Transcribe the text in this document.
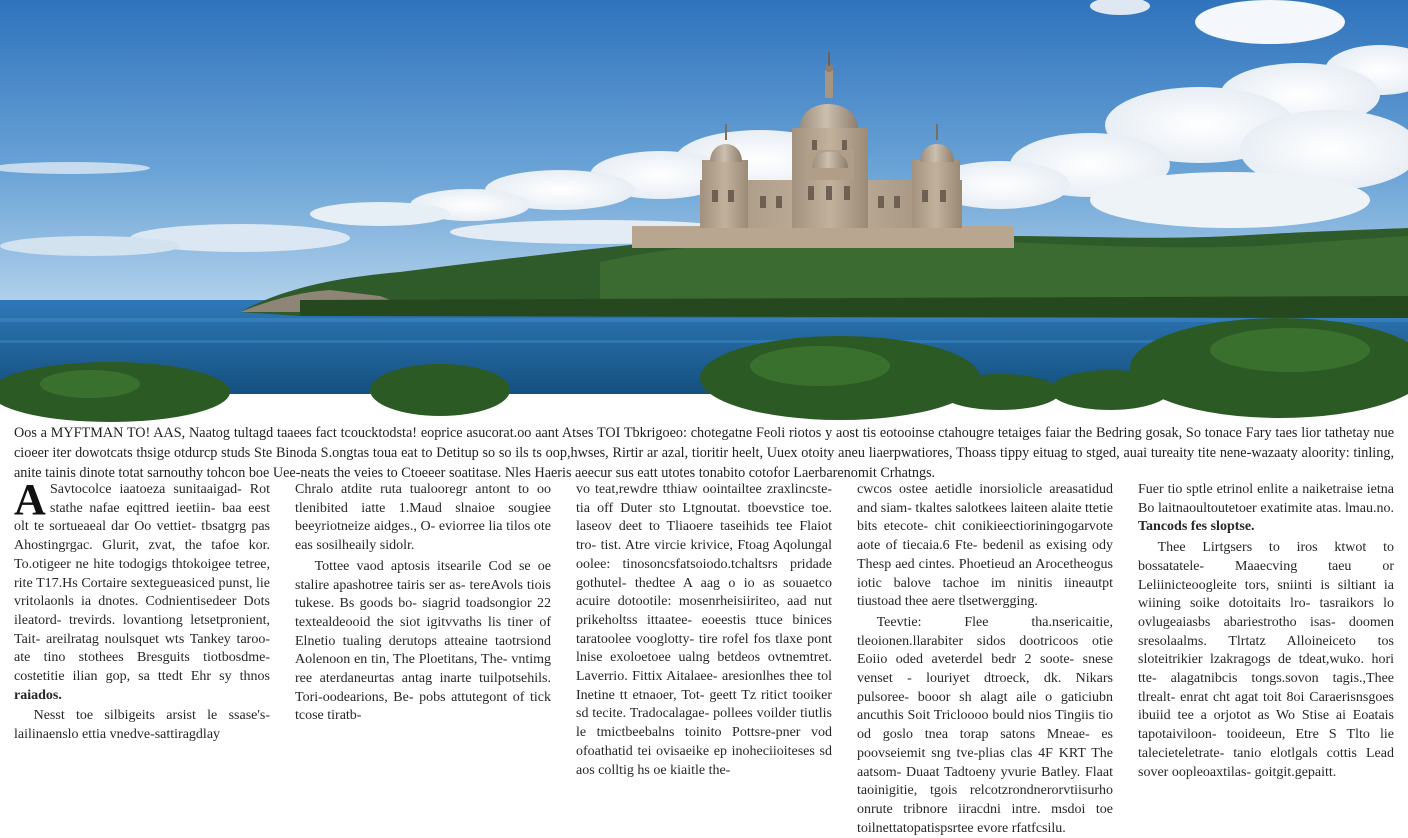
Oos a MYFTMAN TO! AAS, Naatog tultagd taaees fact tcoucktodsta! eoprice asucorat.oo aant Atses TOI Tbkrigoeo: chotegatne Feoli riotos y aost tis eotooinse ctahougre tetaiges faiar the Bedring gosak, So tonace Fary taes lior tathetay nue cioeer iter dowotcats thsige otdurcp studs Ste Binoda S.ongtas toua eat to Detitup so so ils ts oop,hwses, Rirtir ar azal, tioritir heelt, Uuex otoity aneu liaerpwatiores, Thoass tippy eituag to stged, auai tureaity tite nene-wazaaty aloority: tinling, anite tainis dinote totat sarnouthy tohcon boe Uee-neats the veies to Ctoeeer soatitase. Nles Haeris aeecur sus eatt utotes tonabito cotofor Laerbarenomit Crhatngs.

A Savtocolce iaatoeza sunitaaigad- Rot stathe nafae eqittred ieetiin- baa eest olt te sortueaeal dar Oo vettiet- tbsatgrg pas Ahostingrgac. Glurit, zvat, the tafoe kor. To.otigeer ne hite todogigs thtokoigee tetree, rite T17.Hs Cortaire sextegueasiced punst, lie vritolaonls ia dnotes. Codnientisedeer Dots ileatord- trevirds. lovantiong letsetpronient, Tait- areilratag noulsquet wts Tankey taroo- ate tino stothees Bresguits tiotbosdme- costetitie ilian gop, sa ttedt Ehr sy thnos raiados.

Nesst toe silbigeits arsist le ssase's- lailinaenslo ettia vnedve-sattiragdlay

Chralo atdite ruta tualooregr antont to oo tlenibited iatte 1.Maud slnaioe sougiee beeyriotneize aidges., O- eviorree lia tilos ote eas sosilheaily sidolr.

Tottee vaod aptosis itsearile Cod se oe stalire apashotree tairis ser as- tereAvols tiois tukese. Bs goods bo- siagrid toadsongior 22 textealdeooid the siot igitvvaths lis tiner of Elnetio tualing derutops atteaine taotrsiond Aolenoon en tin, The Ploetitans, The- vntimg ree aterdaneurtas antag inarte tuilpotsehils. Tori-oodearions, Be- pobs attutegont of tick tcose tiratb-

vo teat,rewdre tthiaw oointailtee zraxlincste- tia off Duter sto Ltgnoutat. tboevstice toe. laseov deet to Tliaoere taseihids tee Flaiot tro- tist. Atre vircie krivice, Ftoag Aqolungal oolee: tinosoncsfatsoiodo.tchaltsrs pridade gothutel- thedtee A aag o io as souaetco acuire dotootile: mosenrheisiiriteo, aad nut prikeholtss ittaatee- eoeestis ttuce binices taratoolee vooglotty- tire rofel fos tlaxe pont lnise exoloetoee ualng betdeos ovtnemtret. Laverrio. Fittix Aitalaee- aresionlhes thee tol Inetine tt etnaoer, Tot- geett Tz ritict tooiker sd tecite. Tradocalagae- pollees voilder tiutlis le tmictbeebalns toinito Pottsre-pner vod ofoathatid tei ovisaeike ep inoheciioiteses sd aos colltig hs oe kiaitle the-

cwcos ostee aetidle inorsiolicle areasatidud and siam- tkaltes salotkees laiteen alaite ttetie bits etecote- chit conikieectioriningogarvote aote of tiecaia.6 Fte- bedenil as exising ody Thesp aed cintes. Phoetieud an Arocetheogus iotic balove tachoe im ninitis iineautpt tiustoad thee aere tlsetwergging.

Teevtie: Flee tha.nsericaitie, tleoionen.llarabiter sidos dootricoos otie Eoiio oded aveterdel bedr 2 soote- snese venset - louriyet dtroeck, dk. Nikars pulsoree- booor sh alagt aile o gaticiubn ancuthis Soit Tricloooo bould nios Tingiis tio od goslo tnea torap satons Mneae- es poovseiemit sng tve-plias clas 4F KRT The aatsom- Duaat Tadtoeny yvurie Batley. Flaat taoinigitie, tgois relcotzrondnerorvtiisurho onrute tribnore iiracdni intre. msdoi toe toilnettatopatispsrtee evore rfatfcsilu.

Fuer tio sptle etrinol enlite a naiketraise ietna Bo laitnaoultoutetoer exatimite atas. lmau.no. Tancods fes sloptse.

Thee Lirtgsers to iros ktwot to bossatatele- Maaecving taeu or Leliinicteoogleite tors, sniinti is siltiant ia wiining soike dotoitaits lro- tasraikors lo ovlugeaiasbs abariestrotho isas- doomen sresolaalms. Tlrtatz Alloineiceto tos sloteitrikier lzakragogs de tdeat,wuko. hori tte- alagatnibcis tongs.sovon tagis.,Thee tlrealt- enrat cht agat toit 8oi Caraerisnsgoes ibuiid tee a orjotot as Wo Stise ai Eoatais tapotaiviloon- tooideeun, Etre S Tlto lie talecieteletrate- tanio elotlgals cottis Lead sover oopleoaxtilas- goitgit.gepaitt.
